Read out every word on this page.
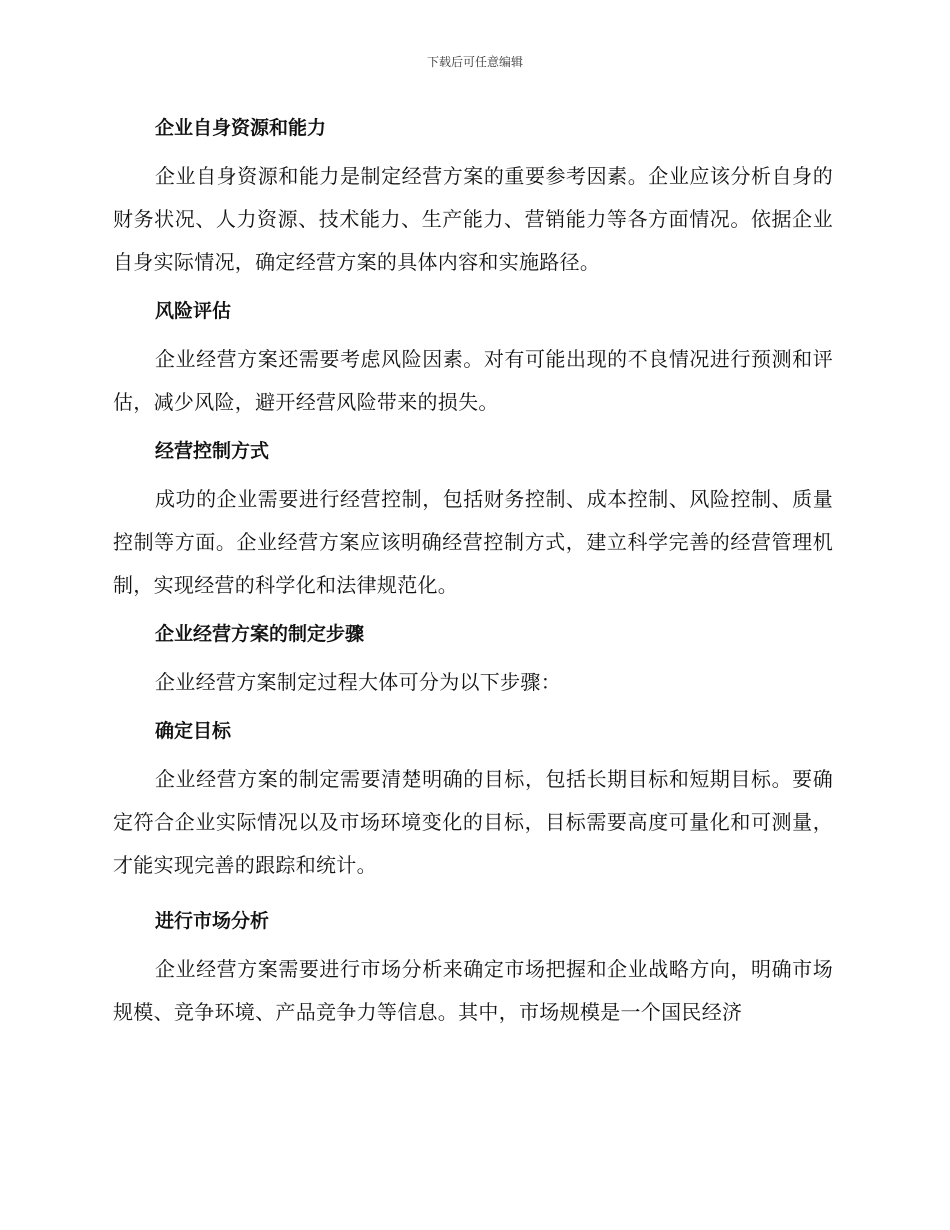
下载后可任意编辑
企业自身资源和能力
企业自身资源和能力是制定经营方案的重要参考因素。企业应该分析自身的财务状况、人力资源、技术能力、生产能力、营销能力等各方面情况。依据企业自身实际情况，确定经营方案的具体内容和实施路径。
风险评估
企业经营方案还需要考虑风险因素。对有可能出现的不良情况进行预测和评估，减少风险，避开经营风险带来的损失。
经营控制方式
成功的企业需要进行经营控制，包括财务控制、成本控制、风险控制、质量控制等方面。企业经营方案应该明确经营控制方式，建立科学完善的经营管理机制，实现经营的科学化和法律规范化。
企业经营方案的制定步骤
企业经营方案制定过程大体可分为以下步骤：
确定目标
企业经营方案的制定需要清楚明确的目标，包括长期目标和短期目标。要确定符合企业实际情况以及市场环境变化的目标，目标需要高度可量化和可测量，才能实现完善的跟踪和统计。
进行市场分析
企业经营方案需要进行市场分析来确定市场把握和企业战略方向，明确市场规模、竞争环境、产品竞争力等信息。其中，市场规模是一个国民经济
